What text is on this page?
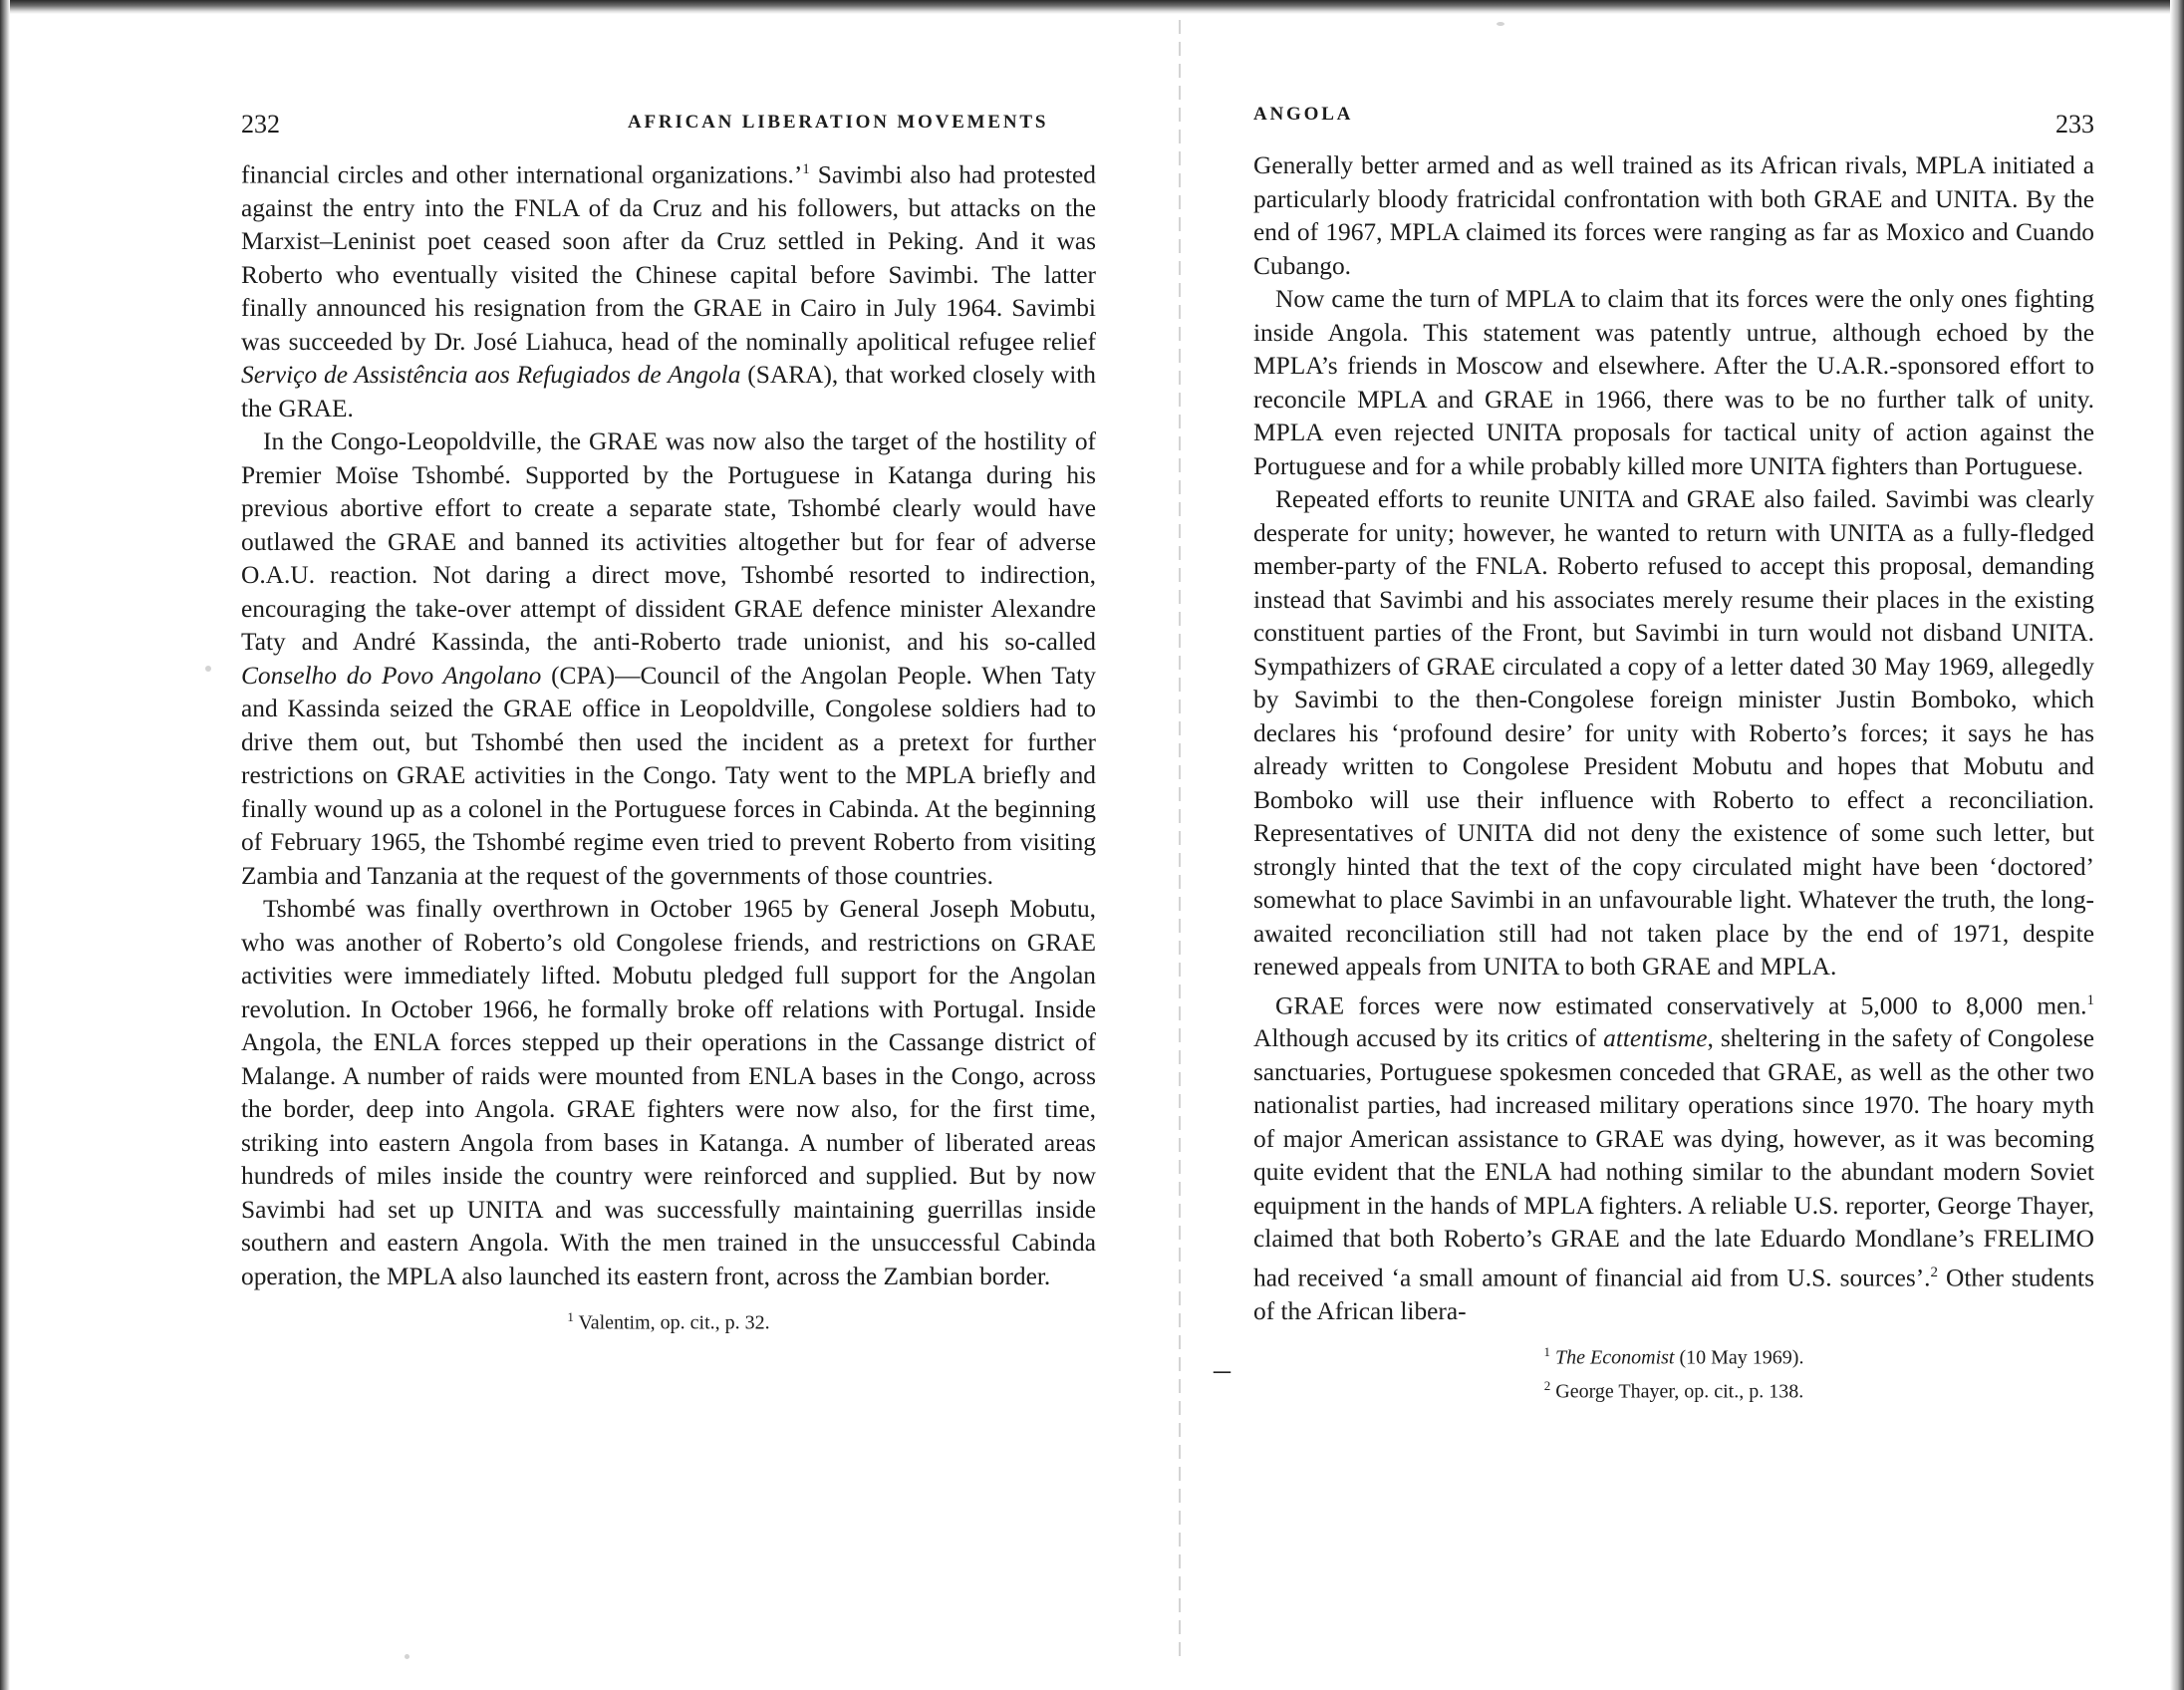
232	AFRICAN LIBERATION MOVEMENTS

financial circles and other international organizations.’$^1$ Savimbi also had protested against the entry into the FNLA of da Cruz and his followers, but attacks on the Marxist–Leninist poet ceased soon after da Cruz settled in Peking. And it was Roberto who eventually visited the Chinese capital before Savimbi. The latter finally announced his resignation from the GRAE in Cairo in July 1964. Savimbi was succeeded by Dr. José Liahuca, head of the nominally apolitical refugee relief Serviço de Assistência aos Refugiados de Angola (SARA), that worked closely with the GRAE.

In the Congo-Leopoldville, the GRAE was now also the target of the hostility of Premier Moïse Tshombé. Supported by the Portuguese in Katanga during his previous abortive effort to create a separate state, Tshombé clearly would have outlawed the GRAE and banned its activities altogether but for fear of adverse O.A.U. reaction. Not daring a direct move, Tshombé resorted to indirection, encouraging the take-over attempt of dissident GRAE defence minister Alexandre Taty and André Kassinda, the anti-Roberto trade unionist, and his so-called Conselho do Povo Angolano (CPA)—Council of the Angolan People. When Taty and Kassinda seized the GRAE office in Leopoldville, Congolese soldiers had to drive them out, but Tshombé then used the incident as a pretext for further restrictions on GRAE activities in the Congo. Taty went to the MPLA briefly and finally wound up as a colonel in the Portuguese forces in Cabinda. At the beginning of February 1965, the Tshombé regime even tried to prevent Roberto from visiting Zambia and Tanzania at the request of the governments of those countries.

Tshombé was finally overthrown in October 1965 by General Joseph Mobutu, who was another of Roberto’s old Congolese friends, and restrictions on GRAE activities were immediately lifted. Mobutu pledged full support for the Angolan revolution. In October 1966, he formally broke off relations with Portugal. Inside Angola, the ENLA forces stepped up their operations in the Cassange district of Malange. A number of raids were mounted from ENLA bases in the Congo, across the border, deep into Angola. GRAE fighters were now also, for the first time, striking into eastern Angola from bases in Katanga. A number of liberated areas hundreds of miles inside the country were reinforced and supplied. But by now Savimbi had set up UNITA and was successfully maintaining guerrillas inside southern and eastern Angola. With the men trained in the unsuccessful Cabinda operation, the MPLA also launched its eastern front, across the Zambian border.

$^1$ Valentim, op. cit., p. 32.
ANGOLA	233

Generally better armed and as well trained as its African rivals, MPLA initiated a particularly bloody fratricidal confrontation with both GRAE and UNITA. By the end of 1967, MPLA claimed its forces were ranging as far as Moxico and Cuando Cubango.

Now came the turn of MPLA to claim that its forces were the only ones fighting inside Angola. This statement was patently untrue, although echoed by the MPLA’s friends in Moscow and elsewhere. After the U.A.R.-sponsored effort to reconcile MPLA and GRAE in 1966, there was to be no further talk of unity. MPLA even rejected UNITA proposals for tactical unity of action against the Portuguese and for a while probably killed more UNITA fighters than Portuguese.

Repeated efforts to reunite UNITA and GRAE also failed. Savimbi was clearly desperate for unity; however, he wanted to return with UNITA as a fully-fledged member-party of the FNLA. Roberto refused to accept this proposal, demanding instead that Savimbi and his associates merely resume their places in the existing constituent parties of the Front, but Savimbi in turn would not disband UNITA. Sympathizers of GRAE circulated a copy of a letter dated 30 May 1969, allegedly by Savimbi to the then-Congolese foreign minister Justin Bomboko, which declares his ‘profound desire’ for unity with Roberto’s forces; it says he has already written to Congolese President Mobutu and hopes that Mobutu and Bomboko will use their influence with Roberto to effect a reconciliation. Representatives of UNITA did not deny the existence of some such letter, but strongly hinted that the text of the copy circulated might have been ‘doctored’ somewhat to place Savimbi in an unfavourable light. Whatever the truth, the long-awaited reconciliation still had not taken place by the end of 1971, despite renewed appeals from UNITA to both GRAE and MPLA.

GRAE forces were now estimated conservatively at 5,000 to 8,000 men.$^1$ Although accused by its critics of attentisme, sheltering in the safety of Congolese sanctuaries, Portuguese spokesmen conceded that GRAE, as well as the other two nationalist parties, had increased military operations since 1970. The hoary myth of major American assistance to GRAE was dying, however, as it was becoming quite evident that the ENLA had nothing similar to the abundant modern Soviet equipment in the hands of MPLA fighters. A reliable U.S. reporter, George Thayer, claimed that both Roberto’s GRAE and the late Eduardo Mondlane’s FRELIMO had received ‘a small amount of financial aid from U.S. sources’.$^2$ Other students of the African libera-

$^1$ The Economist (10 May 1969).
$^2$ George Thayer, op. cit., p. 138.
–
